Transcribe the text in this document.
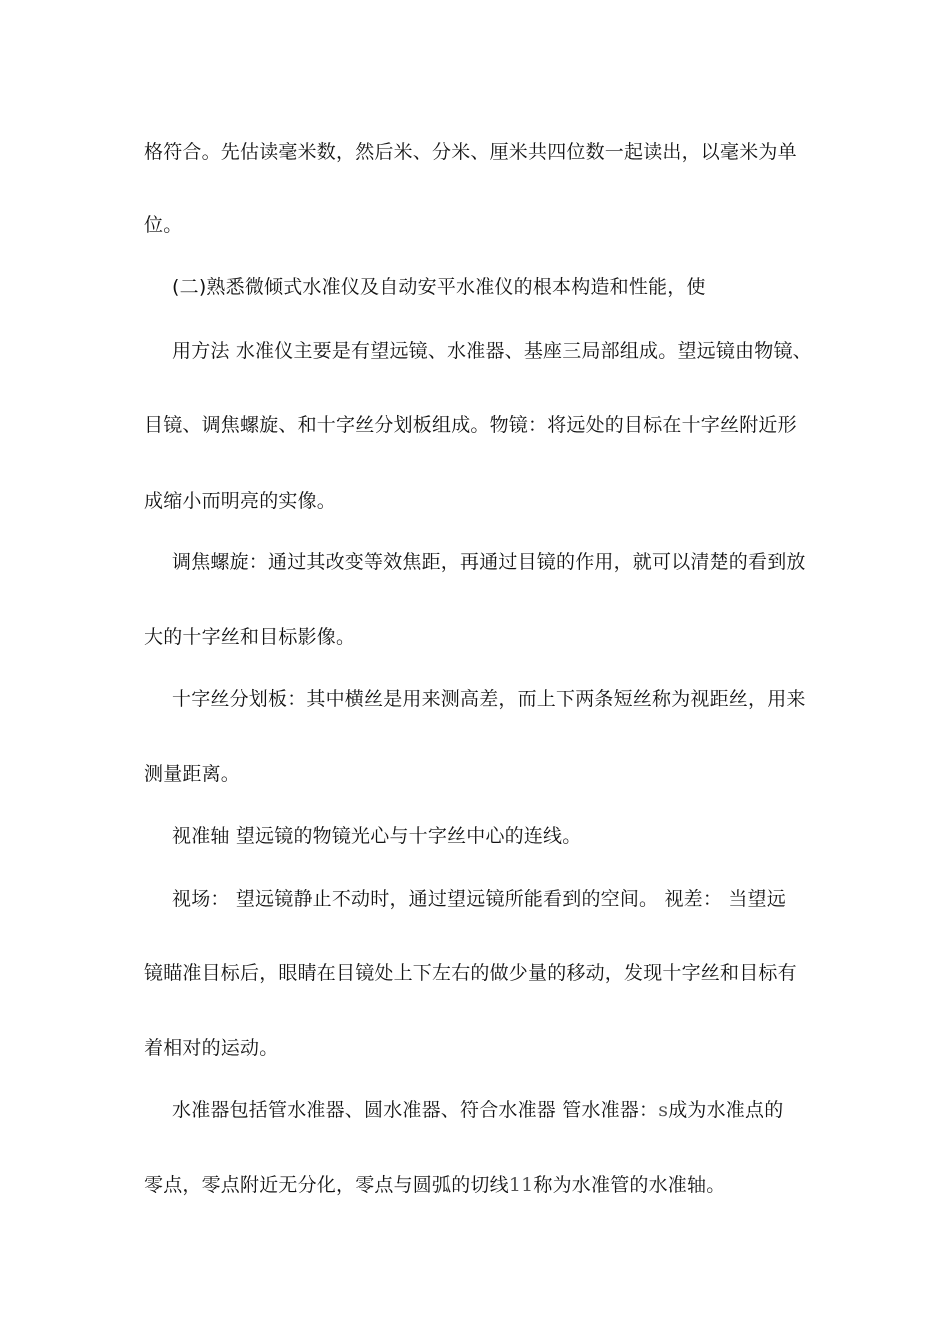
格符合。先估读毫米数，然后米、分米、厘米共四位数一起读出，以毫米为单
位。
(二)熟悉微倾式水准仪及自动安平水准仪的根本构造和性能，使
用方法 水准仪主要是有望远镜、水准器、基座三局部组成。望远镜由物镜、
目镜、调焦螺旋、和十字丝分划板组成。物镜：将远处的目标在十字丝附近形
成缩小而明亮的实像。
调焦螺旋：通过其改变等效焦距，再通过目镜的作用，就可以清楚的看到放
大的十字丝和目标影像。
十字丝分划板：其中横丝是用来测高差，而上下两条短丝称为视距丝，用来
测量距离。
视准轴 望远镜的物镜光心与十字丝中心的连线。
视场： 望远镜静止不动时，通过望远镜所能看到的空间。 视差： 当望远
镜瞄准目标后，眼睛在目镜处上下左右的做少量的移动，发现十字丝和目标有
着相对的运动。
水准器包括管水准器、圆水准器、符合水准器 管水准器：s成为水准点的
零点，零点附近无分化，零点与圆弧的切线11称为水准管的水准轴。
